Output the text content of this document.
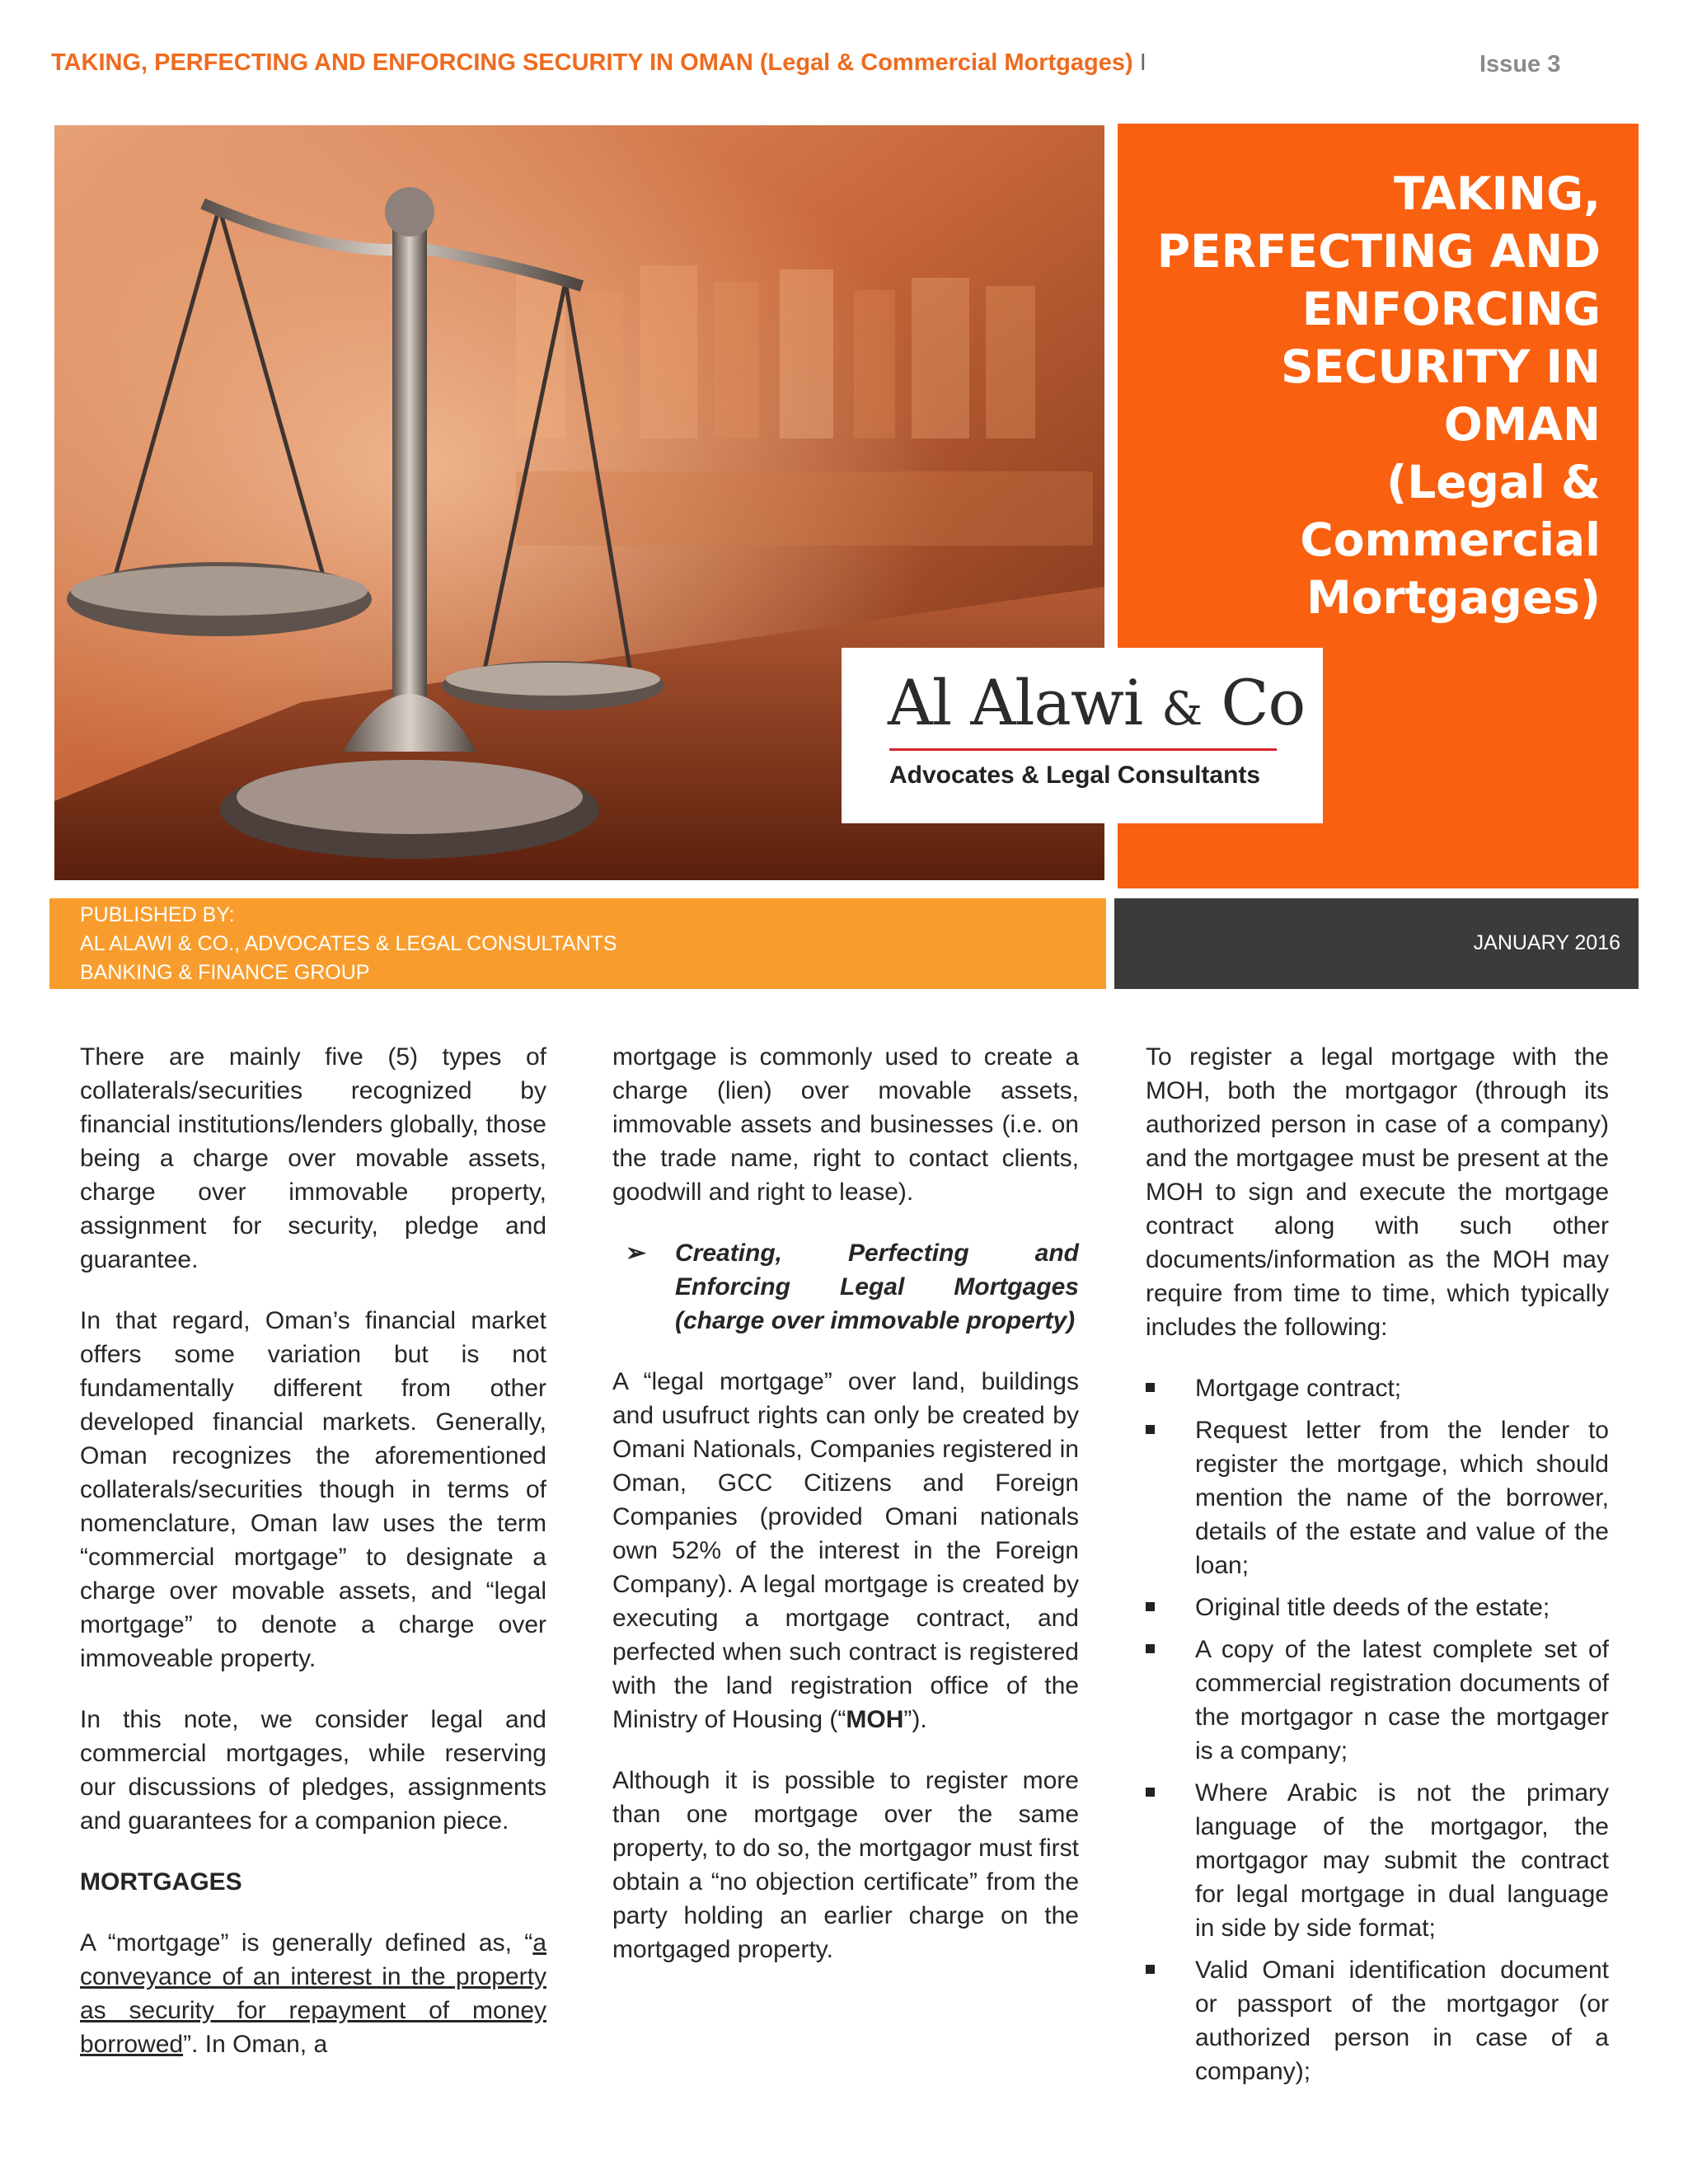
TAKING, PERFECTING AND ENFORCING SECURITY IN OMAN (Legal & Commercial Mortgages) I	Issue 3
TAKING,
PERFECTING AND
ENFORCING
SECURITY IN OMAN
(Legal &
Commercial
Mortgages)
Al Alawi & Co
Advocates & Legal Consultants
PUBLISHED BY:
AL ALAWI & CO., ADVOCATES & LEGAL CONSULTANTS
BANKING & FINANCE GROUP
JANUARY 2016

There are mainly five (5) types of collaterals/securities recognized by financial institutions/lenders globally, those being a charge over movable assets, charge over immovable property, assignment for security, pledge and guarantee.

In that regard, Oman’s financial market offers some variation but is not fundamentally different from other developed financial markets. Generally, Oman recognizes the aforementioned collaterals/securities though in terms of nomenclature, Oman law uses the term “commercial mortgage” to designate a charge over movable assets, and “legal mortgage” to denote a charge over immoveable property.

In this note, we consider legal and commercial mortgages, while reserving our discussions of pledges, assignments and guarantees for a companion piece.

MORTGAGES

A “mortgage” is generally defined as, “a conveyance of an interest in the property as security for repayment of money borrowed”. In Oman, a

mortgage is commonly used to create a charge (lien) over movable assets, immovable assets and businesses (i.e. on the trade name, right to contact clients, goodwill and right to lease).

➢ Creating, Perfecting and Enforcing Legal Mortgages (charge over immovable property)

A “legal mortgage” over land, buildings and usufruct rights can only be created by Omani Nationals, Companies registered in Oman, GCC Citizens and Foreign Companies (provided Omani nationals own 52% of the interest in the Foreign Company). A legal mortgage is created by executing a mortgage contract, and perfected when such contract is registered with the land registration office of the Ministry of Housing (“MOH”).

Although it is possible to register more than one mortgage over the same property, to do so, the mortgagor must first obtain a “no objection certificate” from the party holding an earlier charge on the mortgaged property.

To register a legal mortgage with the MOH, both the mortgagor (through its authorized person in case of a company) and the mortgagee must be present at the MOH to sign and execute the mortgage contract along with such other documents/information as the MOH may require from time to time, which typically includes the following:

Mortgage contract;
Request letter from the lender to register the mortgage, which should mention the name of the borrower, details of the estate and value of the loan;
Original title deeds of the estate;
A copy of the latest complete set of commercial registration documents of the mortgagor n case the mortgager is a company;
Where Arabic is not the primary language of the mortgagor, the mortgagor may submit the contract for legal mortgage in dual language in side by side format;
Valid Omani identification document or passport of the mortgagor (or authorized person in case of a company);
